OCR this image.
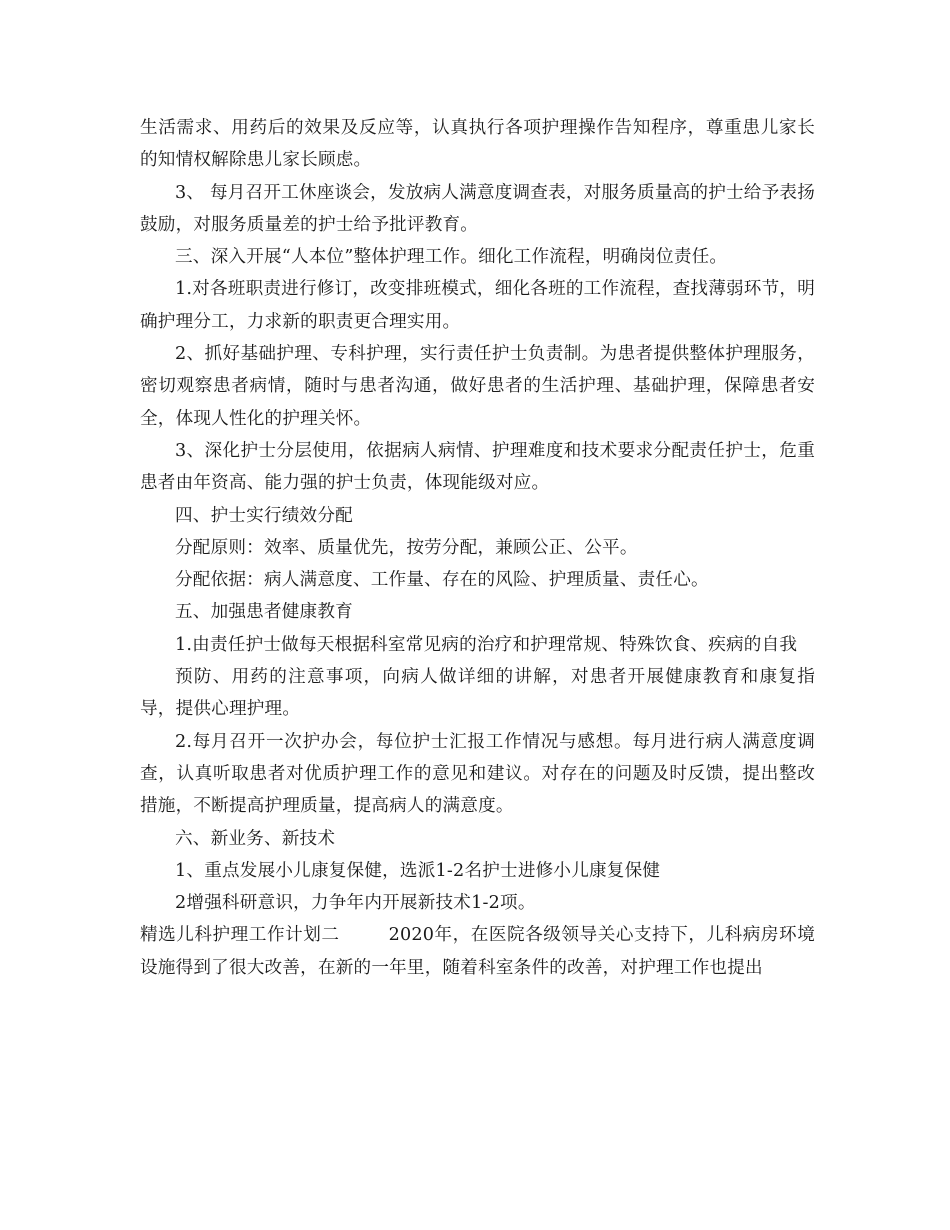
生活需求、用药后的效果及反应等，认真执行各项护理操作告知程序，尊重患儿家长的知情权解除患儿家长顾虑。

3、 每月召开工休座谈会，发放病人满意度调查表，对服务质量高的护士给予表扬鼓励，对服务质量差的护士给予批评教育。

三、深入开展“人本位”整体护理工作。细化工作流程，明确岗位责任。

1.对各班职责进行修订，改变排班模式，细化各班的工作流程，查找薄弱环节，明确护理分工，力求新的职责更合理实用。

2、抓好基础护理、专科护理，实行责任护士负责制。为患者提供整体护理服务，密切观察患者病情，随时与患者沟通，做好患者的生活护理、基础护理，保障患者安全，体现人性化的护理关怀。

3、深化护士分层使用，依据病人病情、护理难度和技术要求分配责任护士，危重患者由年资高、能力强的护士负责，体现能级对应。

四、护士实行绩效分配

分配原则：效率、质量优先，按劳分配，兼顾公正、公平。

分配依据：病人满意度、工作量、存在的风险、护理质量、责任心。

五、加强患者健康教育

1.由责任护士做每天根据科室常见病的治疗和护理常规、特殊饮食、疾病的自我

预防、用药的注意事项，向病人做详细的讲解，对患者开展健康教育和康复指导，提供心理护理。

2.每月召开一次护办会，每位护士汇报工作情况与感想。每月进行病人满意度调查，认真听取患者对优质护理工作的意见和建议。对存在的问题及时反馈，提出整改措施，不断提高护理质量，提高病人的满意度。

六、新业务、新技术

1、重点发展小儿康复保健，选派1-2名护士进修小儿康复保健

2增强科研意识，力争年内开展新技术1-2项。

精选儿科护理工作计划二        2020年，在医院各级领导关心支持下，儿科病房环境设施得到了很大改善，在新的一年里，随着科室条件的改善，对护理工作也提出
